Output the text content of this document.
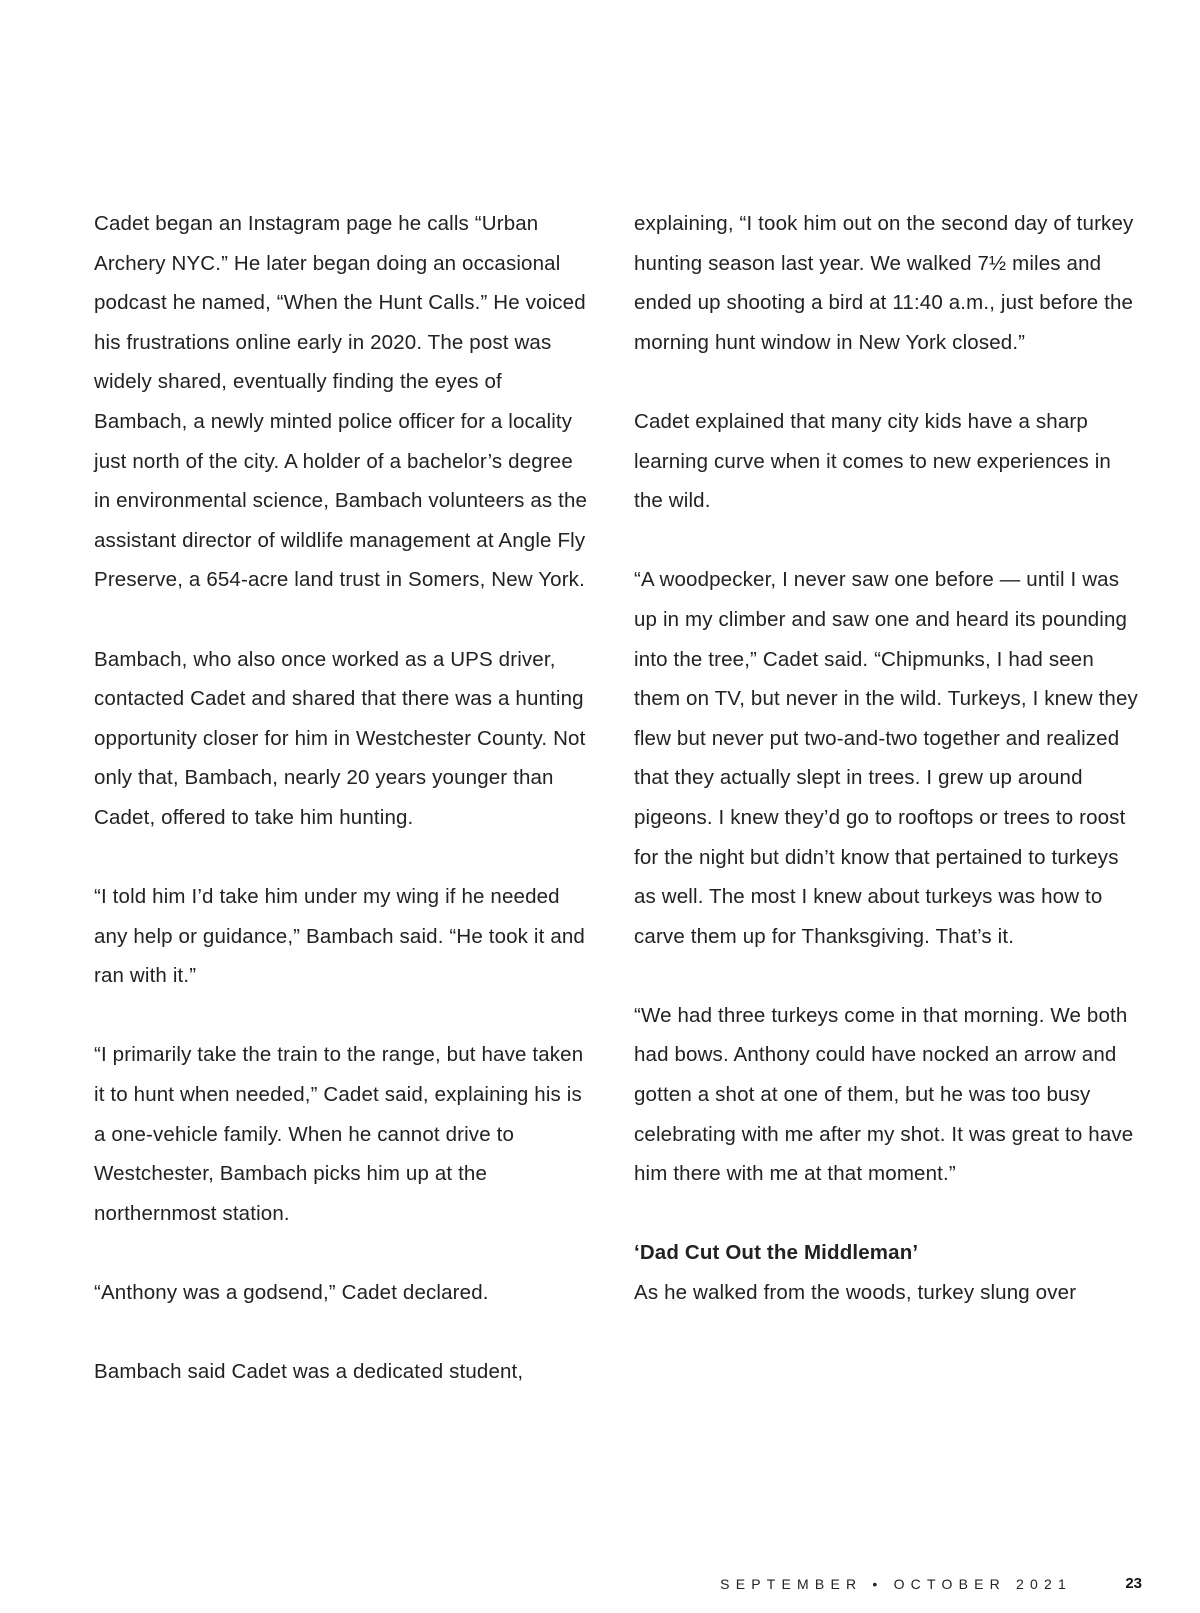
Cadet began an Instagram page he calls “Urban Archery NYC.” He later began doing an occasional podcast he named, “When the Hunt Calls.” He voiced his frustrations online early in 2020. The post was widely shared, eventually finding the eyes of Bambach, a newly minted police officer for a locality just north of the city. A holder of a bachelor’s degree in environmental science, Bambach volunteers as the assistant director of wildlife management at Angle Fly Preserve, a 654-acre land trust in Somers, New York.

Bambach, who also once worked as a UPS driver, contacted Cadet and shared that there was a hunting opportunity closer for him in Westchester County. Not only that, Bambach, nearly 20 years younger than Cadet, offered to take him hunting.

“I told him I’d take him under my wing if he needed any help or guidance,” Bambach said. “He took it and ran with it.”

“I primarily take the train to the range, but have taken it to hunt when needed,” Cadet said, explaining his is a one-vehicle family. When he cannot drive to Westchester, Bambach picks him up at the northernmost station.

“Anthony was a godsend,” Cadet declared.

Bambach said Cadet was a dedicated student,

explaining, “I took him out on the second day of turkey hunting season last year. We walked 7½ miles and ended up shooting a bird at 11:40 a.m., just before the morning hunt window in New York closed.”

Cadet explained that many city kids have a sharp learning curve when it comes to new experiences in the wild.

“A woodpecker, I never saw one before — until I was up in my climber and saw one and heard its pounding into the tree,” Cadet said. “Chipmunks, I had seen them on TV, but never in the wild. Turkeys, I knew they flew but never put two-and-two together and realized that they actually slept in trees. I grew up around pigeons. I knew they’d go to rooftops or trees to roost for the night but didn’t know that pertained to turkeys as well. The most I knew about turkeys was how to carve them up for Thanksgiving. That’s it.

“We had three turkeys come in that morning. We both had bows. Anthony could have nocked an arrow and gotten a shot at one of them, but he was too busy celebrating with me after my shot. It was great to have him there with me at that moment.”

‘Dad Cut Out the Middleman’

As he walked from the woods, turkey slung over

SEPTEMBER • OCTOBER 2021	23
